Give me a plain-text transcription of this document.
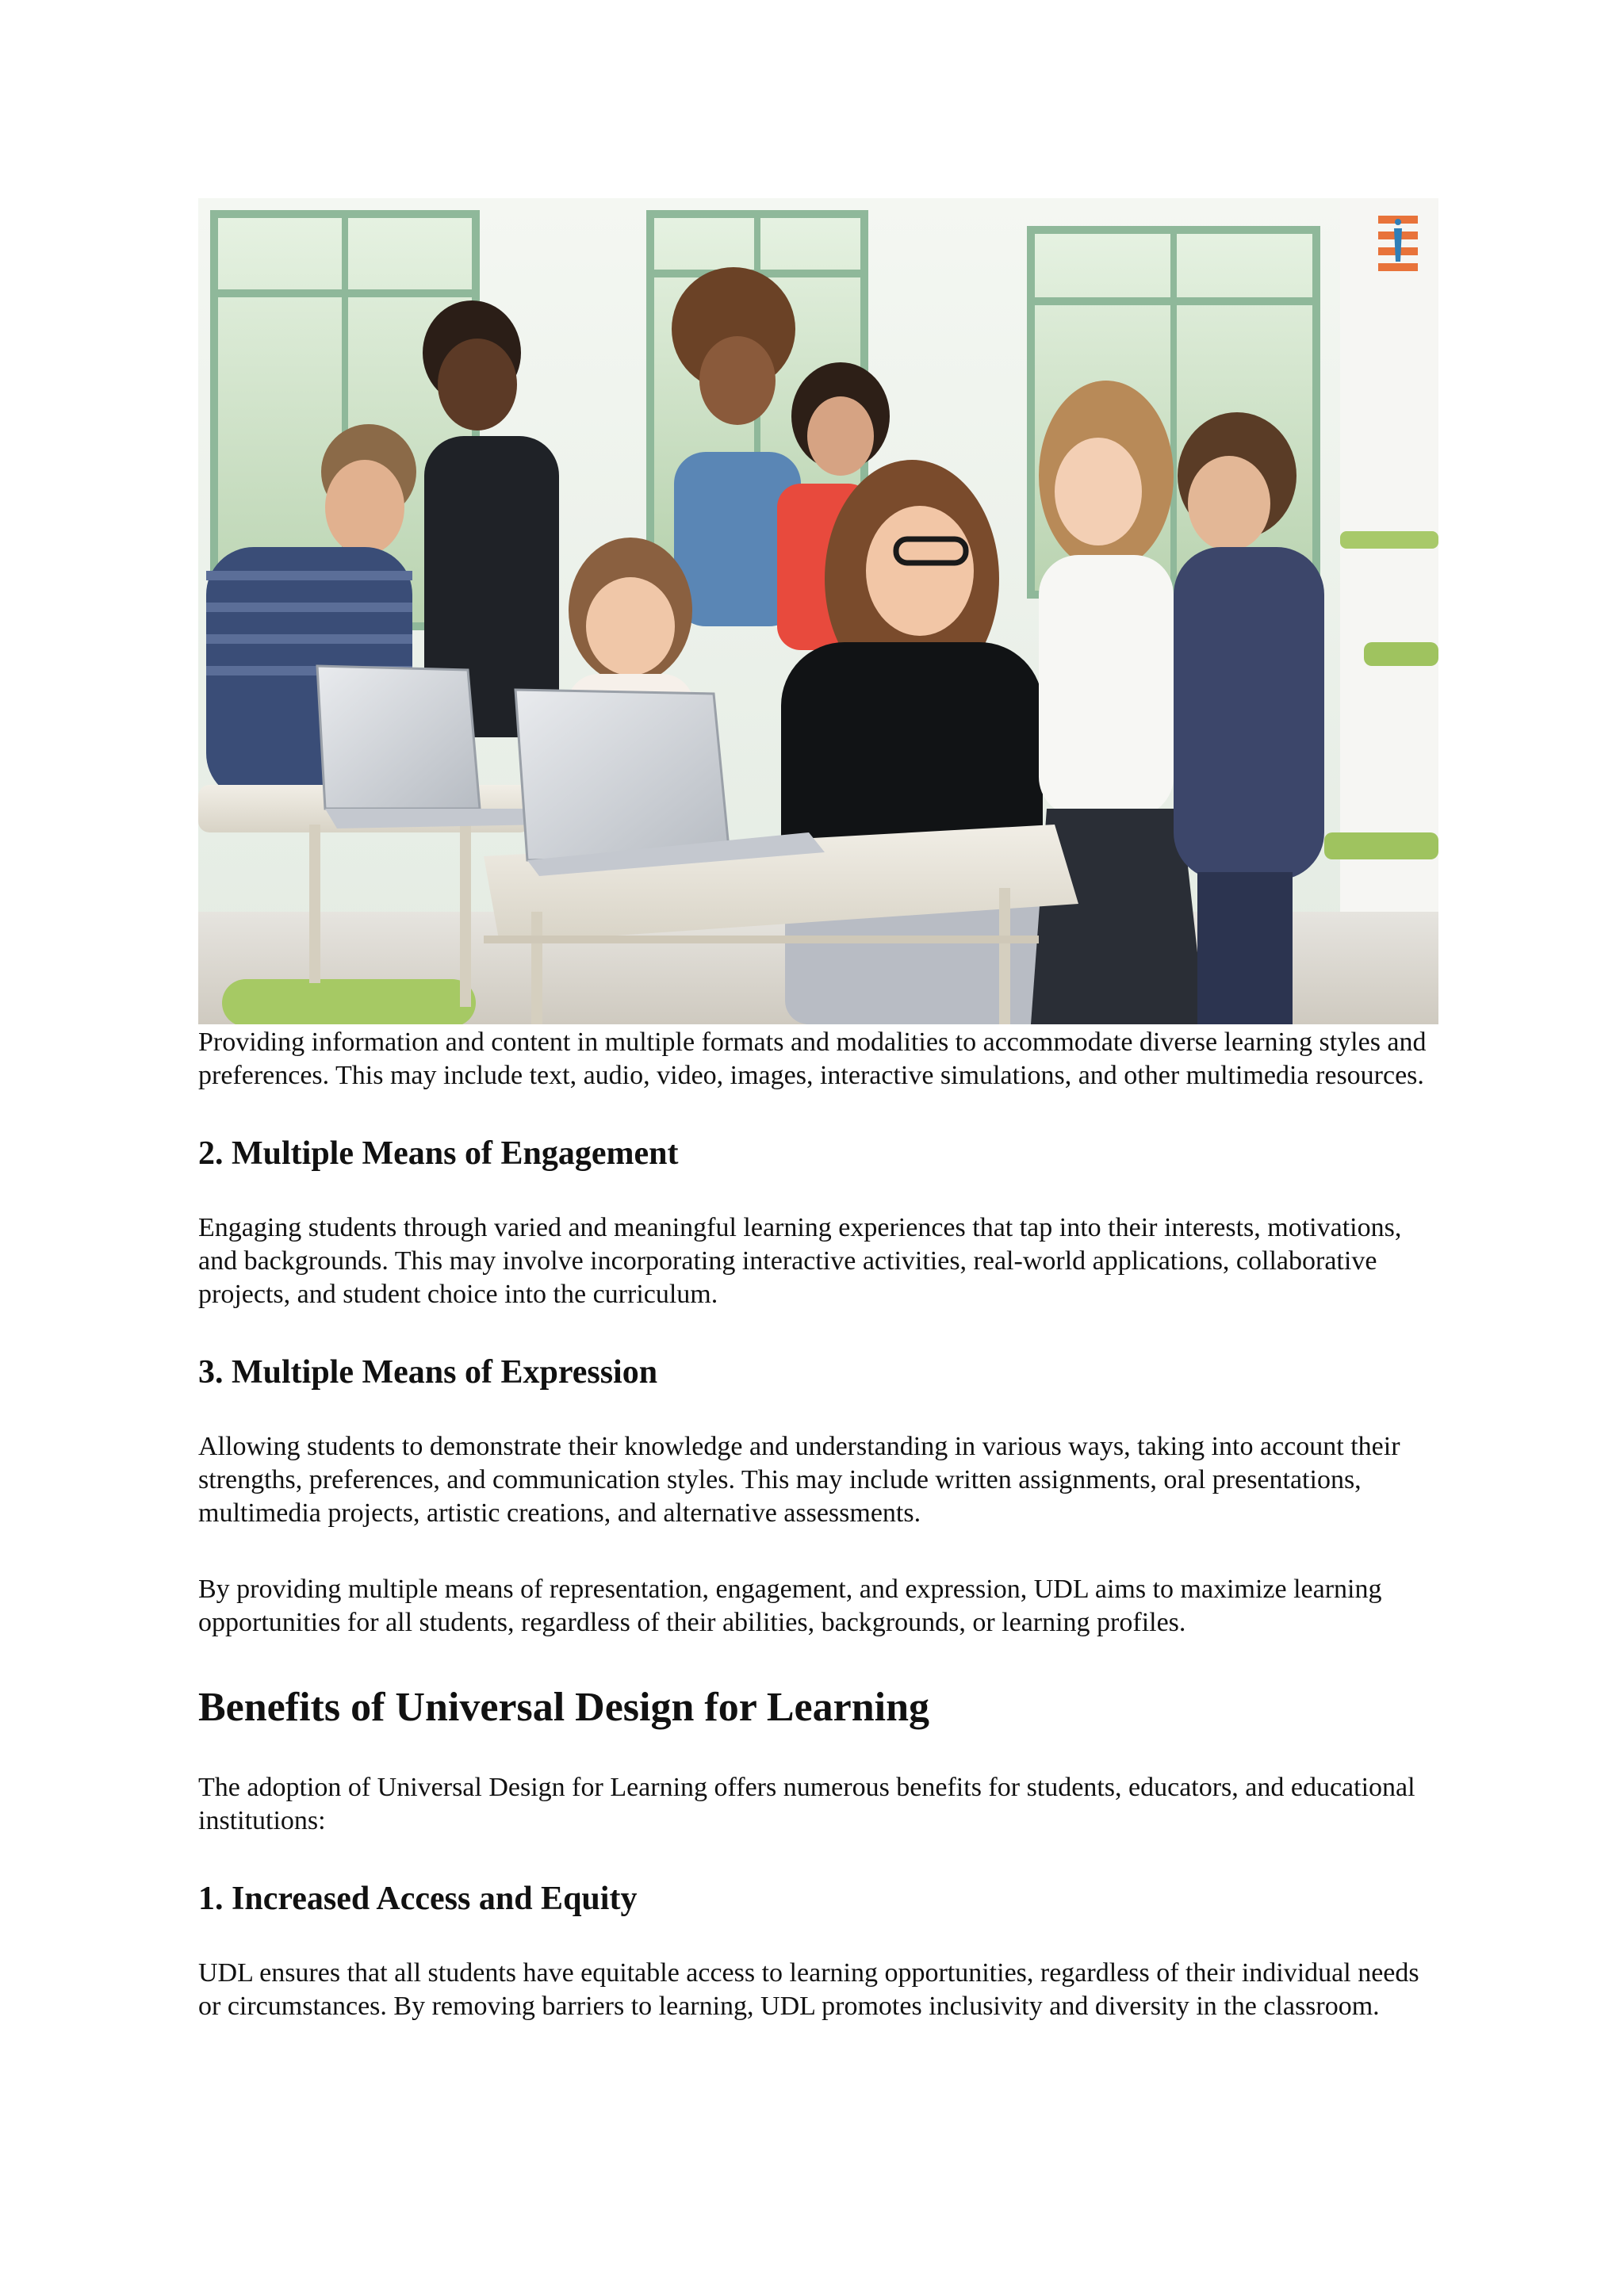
Providing information and content in multiple formats and modalities to accommodate diverse learning styles and preferences. This may include text, audio, video, images, interactive simulations, and other multimedia resources.

2. Multiple Means of Engagement

Engaging students through varied and meaningful learning experiences that tap into their interests, motivations, and backgrounds. This may involve incorporating interactive activities, real-world applications, collaborative projects, and student choice into the curriculum.

3. Multiple Means of Expression

Allowing students to demonstrate their knowledge and understanding in various ways, taking into account their strengths, preferences, and communication styles. This may include written assignments, oral presentations, multimedia projects, artistic creations, and alternative assessments.

By providing multiple means of representation, engagement, and expression, UDL aims to maximize learning opportunities for all students, regardless of their abilities, backgrounds, or learning profiles.

Benefits of Universal Design for Learning

The adoption of Universal Design for Learning offers numerous benefits for students, educators, and educational institutions:

1. Increased Access and Equity

UDL ensures that all students have equitable access to learning opportunities, regardless of their individual needs or circumstances. By removing barriers to learning, UDL promotes inclusivity and diversity in the classroom.
